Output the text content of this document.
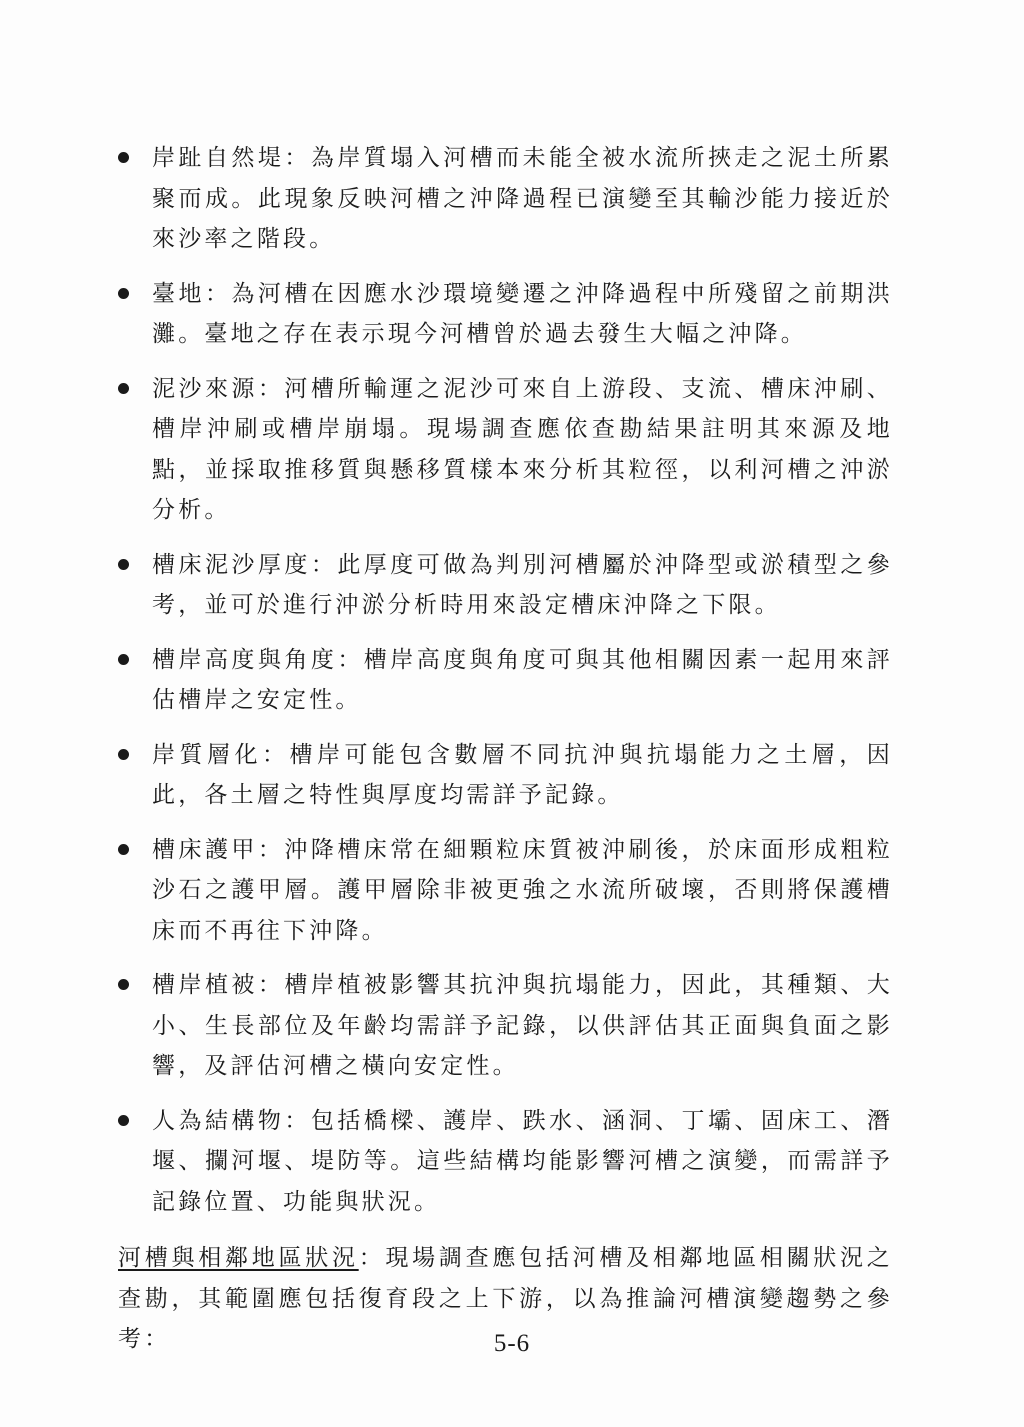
岸趾自然堤：為岸質塌入河槽而未能全被水流所挾走之泥土所累聚而成。此現象反映河槽之沖降過程已演變至其輸沙能力接近於來沙率之階段。
臺地：為河槽在因應水沙環境變遷之沖降過程中所殘留之前期洪灘。臺地之存在表示現今河槽曾於過去發生大幅之沖降。
泥沙來源：河槽所輸運之泥沙可來自上游段、支流、槽床沖刷、槽岸沖刷或槽岸崩塌。現場調查應依查勘結果註明其來源及地點，並採取推移質與懸移質樣本來分析其粒徑，以利河槽之沖淤分析。
槽床泥沙厚度：此厚度可做為判別河槽屬於沖降型或淤積型之參考，並可於進行沖淤分析時用來設定槽床沖降之下限。
槽岸高度與角度：槽岸高度與角度可與其他相關因素一起用來評估槽岸之安定性。
岸質層化：槽岸可能包含數層不同抗沖與抗塌能力之土層，因此，各土層之特性與厚度均需詳予記錄。
槽床護甲：沖降槽床常在細顆粒床質被沖刷後，於床面形成粗粒沙石之護甲層。護甲層除非被更強之水流所破壞，否則將保護槽床而不再往下沖降。
槽岸植被：槽岸植被影響其抗沖與抗塌能力，因此，其種類、大小、生長部位及年齡均需詳予記錄，以供評估其正面與負面之影響，及評估河槽之橫向安定性。
人為結構物：包括橋樑、護岸、跌水、涵洞、丁壩、固床工、潛堰、攔河堰、堤防等。這些結構均能影響河槽之演變，而需詳予記錄位置、功能與狀況。

河槽與相鄰地區狀況：現場調查應包括河槽及相鄰地區相關狀況之查勘，其範圍應包括復育段之上下游，以為推論河槽演變趨勢之參考：	5-6
